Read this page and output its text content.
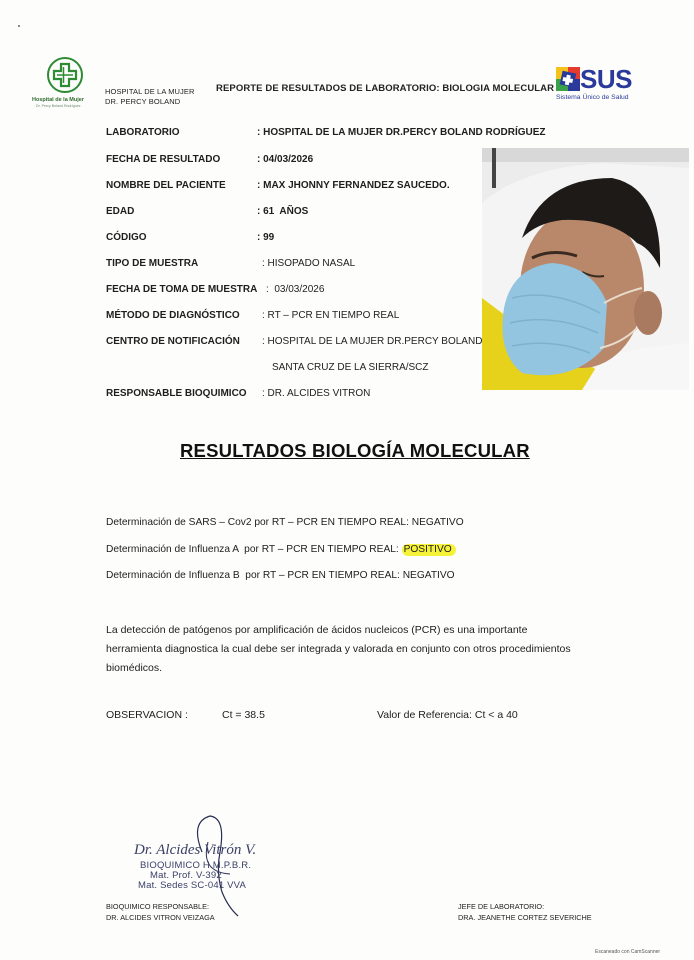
Hospital de la Mujer
Dr. Percy Boland Rodríguez
HOSPITAL DE LA MUJER
DR. PERCY BOLAND
REPORTE DE RESULTADOS DE LABORATORIO: BIOLOGIA MOLECULAR SUS
Sistema Único de Salud
LABORATORIO	: HOSPITAL DE LA MUJER DR.PERCY BOLAND RODRÍGUEZ
FECHA DE RESULTADO	: 04/03/2026
NOMBRE DEL PACIENTE	: MAX JHONNY FERNANDEZ SAUCEDO.
EDAD	: 61  AÑOS
CÓDIGO	: 99
TIPO DE MUESTRA	: HISOPADO NASAL
FECHA DE TOMA DE MUESTRA :  03/03/2026
MÉTODO DE DIAGNÓSTICO : RT – PCR EN TIEMPO REAL
CENTRO DE NOTIFICACIÓN : HOSPITAL DE LA MUJER DR.PERCY BOLAND
SANTA CRUZ DE LA SIERRA/SCZ
RESPONSABLE BIOQUIMICO : DR. ALCIDES VITRON
RESULTADOS BIOLOGÍA MOLECULAR
Determinación de SARS – Cov2 por RT – PCR EN TIEMPO REAL: NEGATIVO
Determinación de Influenza A  por RT – PCR EN TIEMPO REAL: POSITIVO
Determinación de Influenza B  por RT – PCR EN TIEMPO REAL: NEGATIVO
La detección de patógenos por amplificación de ácidos nucleicos (PCR) es una importante herramienta diagnostica la cual debe ser integrada y valorada en conjunto con otros procedimientos biomédicos.
OBSERVACION :	Ct = 38.5	Valor de Referencia: Ct < a 40
Dr. Alcides Vitrón V.
BIOQUIMICO H.M.P.B.R.
Mat. Prof. V-392
Mat. Sedes SC-041 VVA
BIOQUIMICO RESPONSABLE:
DR. ALCIDES VITRON VEIZAGA
JEFE DE LABORATORIO:
DRA. JEANETHE CORTEZ SEVERICHE
Escaneado con CamScanner
